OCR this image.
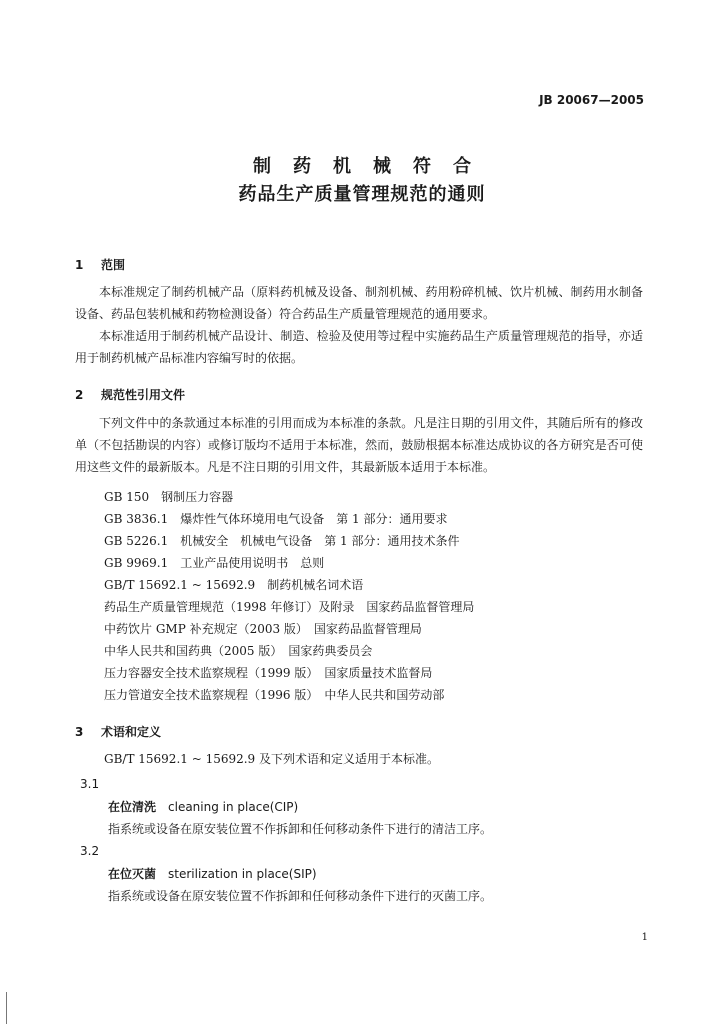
JB 20067—2005
制药机械符合
药品生产质量管理规范的通则
1 范围
本标准规定了制药机械产品（原料药机械及设备、制剂机械、药用粉碎机械、饮片机械、制药用水制备设备、药品包装机械和药物检测设备）符合药品生产质量管理规范的通用要求。
本标准适用于制药机械产品设计、制造、检验及使用等过程中实施药品生产质量管理规范的指导，亦适用于制药机械产品标准内容编写时的依据。
2 规范性引用文件
下列文件中的条款通过本标准的引用而成为本标准的条款。凡是注日期的引用文件，其随后所有的修改单（不包括勘误的内容）或修订版均不适用于本标准，然而，鼓励根据本标准达成协议的各方研究是否可使用这些文件的最新版本。凡是不注日期的引用文件，其最新版本适用于本标准。
GB 150　钢制压力容器
GB 3836.1　爆炸性气体环境用电气设备　第 1 部分：通用要求
GB 5226.1　机械安全　机械电气设备　第 1 部分：通用技术条件
GB 9969.1　工业产品使用说明书　总则
GB/T 15692.1 ~ 15692.9　制药机械名词术语
药品生产质量管理规范（1998 年修订）及附录　国家药品监督管理局
中药饮片 GMP 补充规定（2003 版）　国家药品监督管理局
中华人民共和国药典（2005 版）　国家药典委员会
压力容器安全技术监察规程（1999 版）　国家质量技术监督局
压力管道安全技术监察规程（1996 版）　中华人民共和国劳动部
3 术语和定义
GB/T 15692.1 ~ 15692.9 及下列术语和定义适用于本标准。
3.1
在位清洗 cleaning in place(CIP)
指系统或设备在原安装位置不作拆卸和任何移动条件下进行的清洁工序。
3.2
在位灭菌 sterilization in place(SIP)
指系统或设备在原安装位置不作拆卸和任何移动条件下进行的灭菌工序。
1
